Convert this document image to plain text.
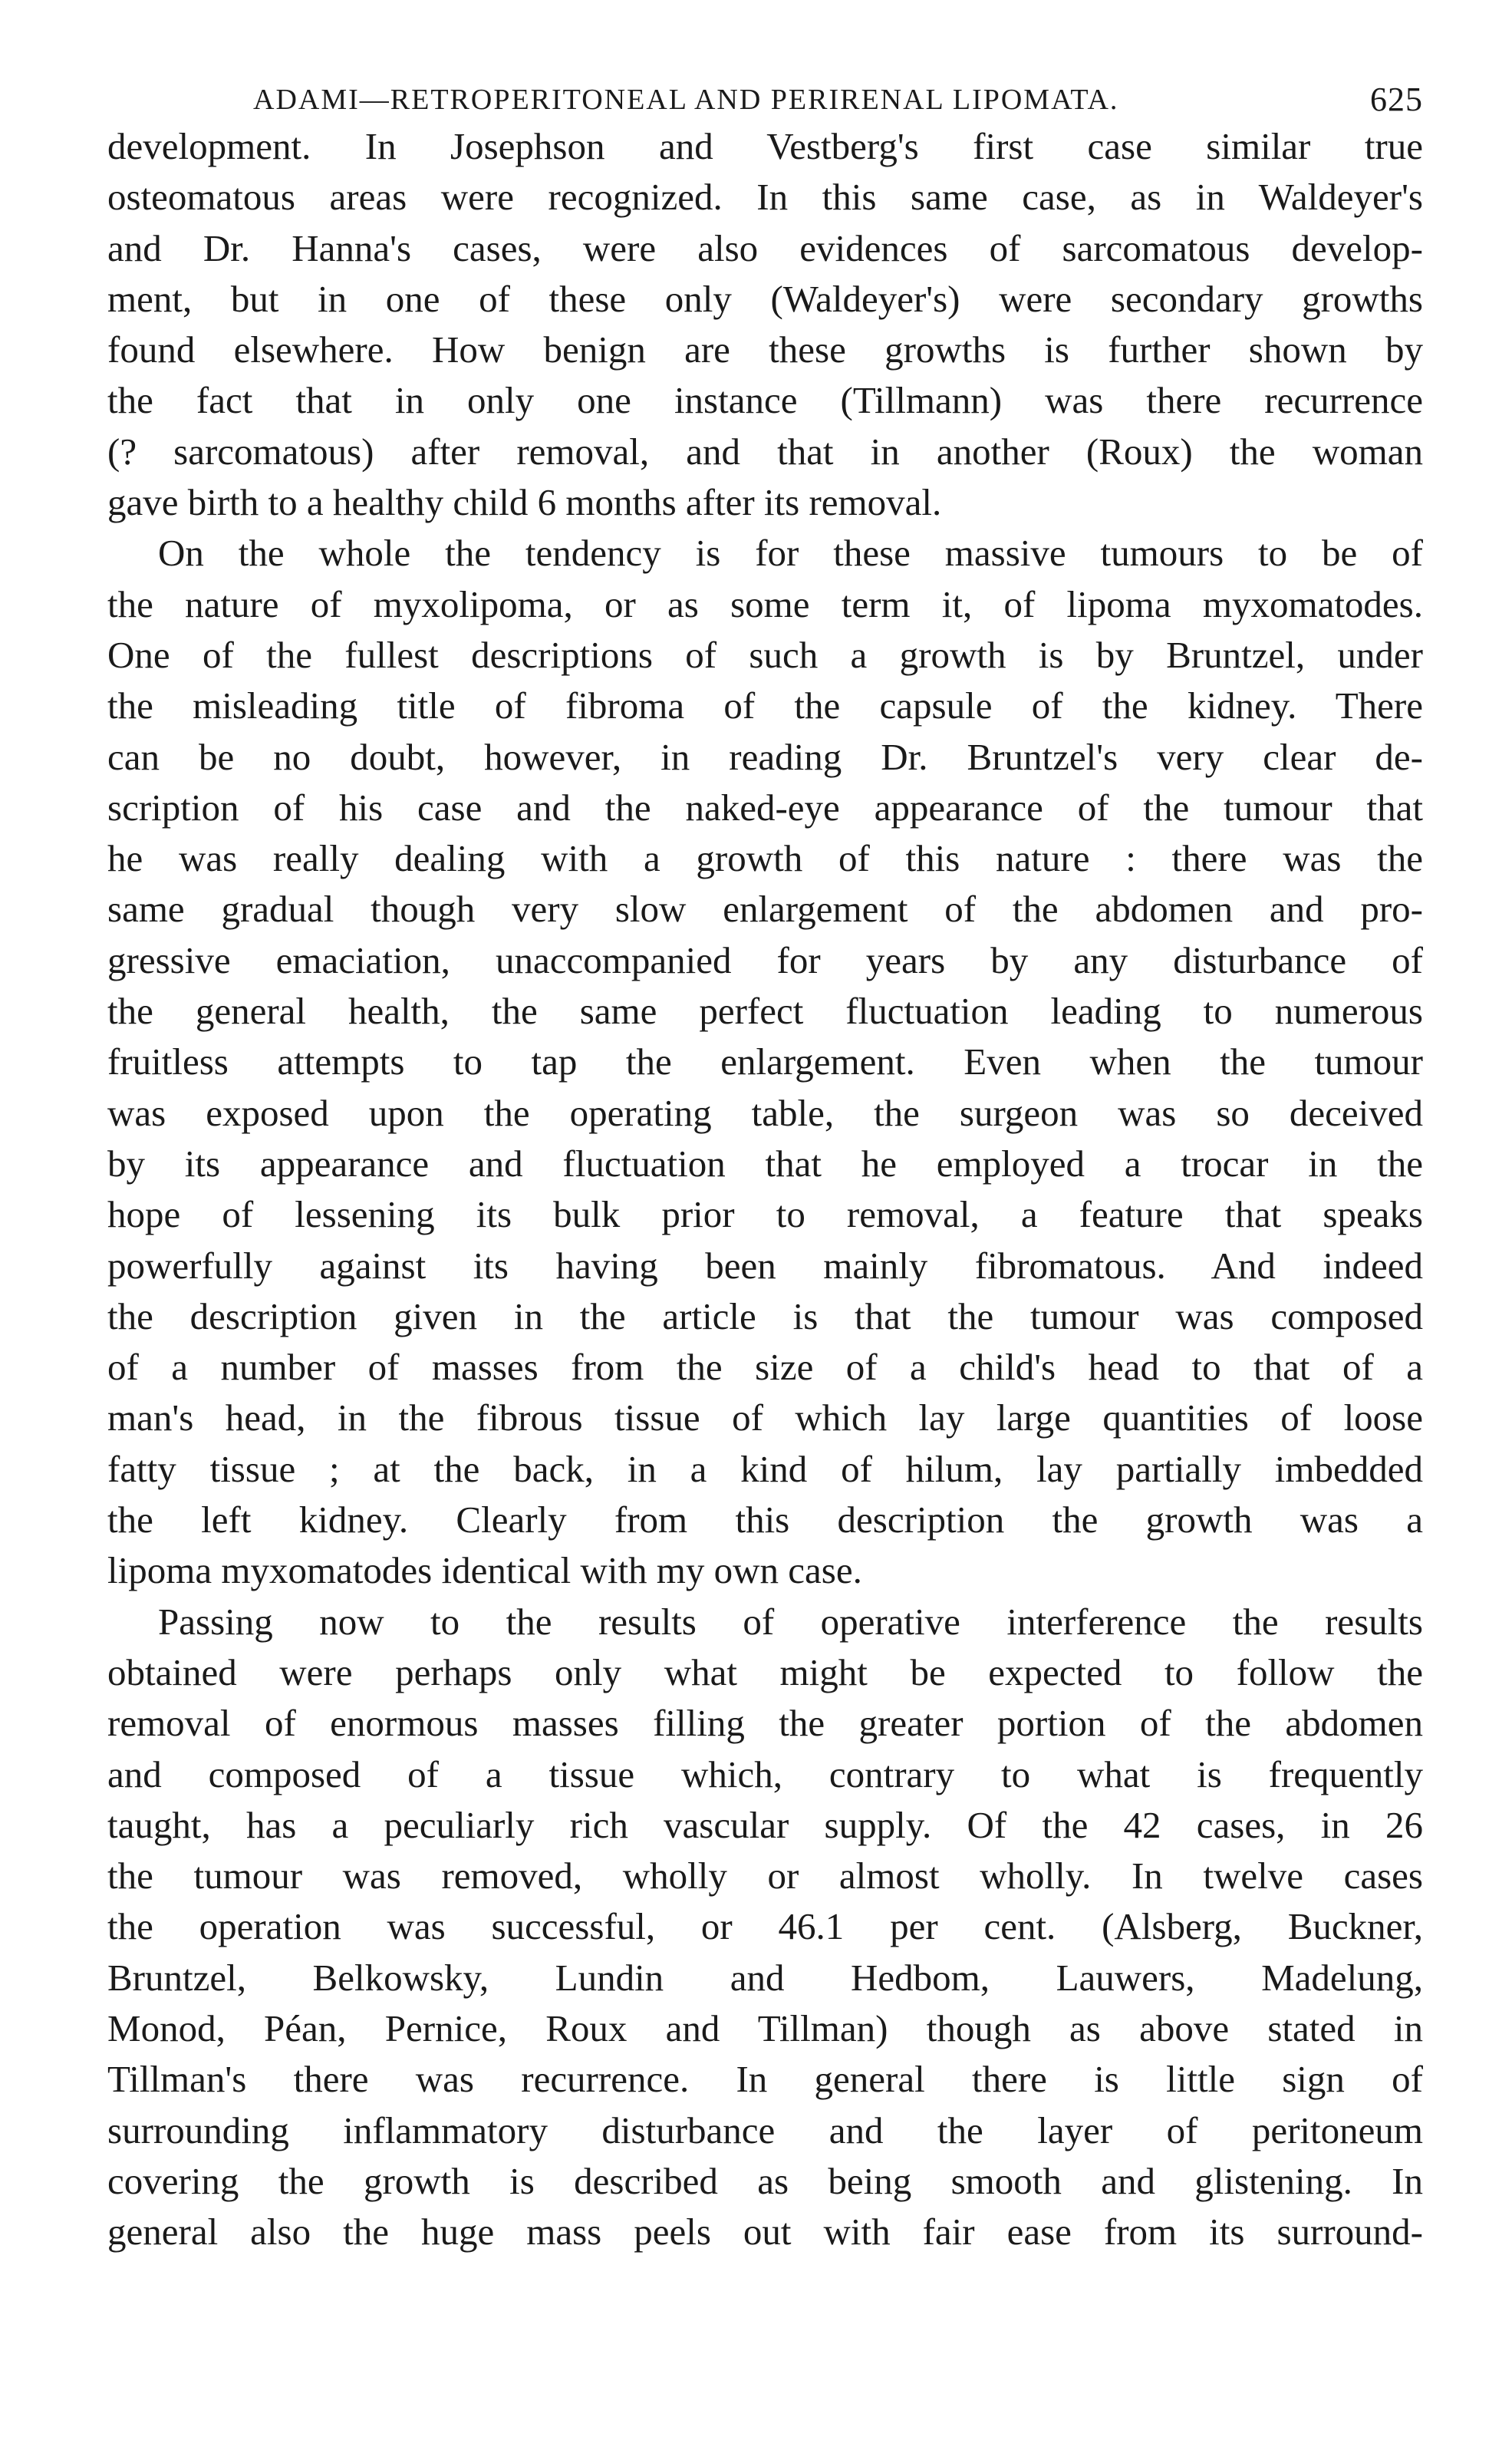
ADAMI—RETROPERITONEAL AND PERIRENAL LIPOMATA.	625

development. In Josephson and Vestberg's first case similar true
osteomatous areas were recognized. In this same case, as in Waldeyer's
and Dr. Hanna's cases, were also evidences of sarcomatous develop-
ment, but in one of these only (Waldeyer's) were secondary growths
found elsewhere. How benign are these growths is further shown by
the fact that in only one instance (Tillmann) was there recurrence
(? sarcomatous) after removal, and that in another (Roux) the woman
gave birth to a healthy child 6 months after its removal.

On the whole the tendency is for these massive tumours to be of
the nature of myxolipoma, or as some term it, of lipoma myxomatodes.
One of the fullest descriptions of such a growth is by Bruntzel, under
the misleading title of fibroma of the capsule of the kidney. There
can be no doubt, however, in reading Dr. Bruntzel's very clear de-
scription of his case and the naked-eye appearance of the tumour that
he was really dealing with a growth of this nature : there was the
same gradual though very slow enlargement of the abdomen and pro-
gressive emaciation, unaccompanied for years by any disturbance of
the general health, the same perfect fluctuation leading to numerous
fruitless attempts to tap the enlargement. Even when the tumour
was exposed upon the operating table, the surgeon was so deceived
by its appearance and fluctuation that he employed a trocar in the
hope of lessening its bulk prior to removal, a feature that speaks
powerfully against its having been mainly fibromatous. And indeed
the description given in the article is that the tumour was composed
of a number of masses from the size of a child's head to that of a
man's head, in the fibrous tissue of which lay large quantities of loose
fatty tissue ; at the back, in a kind of hilum, lay partially imbedded
the left kidney. Clearly from this description the growth was a
lipoma myxomatodes identical with my own case.

Passing now to the results of operative interference the results
obtained were perhaps only what might be expected to follow the
removal of enormous masses filling the greater portion of the abdomen
and composed of a tissue which, contrary to what is frequently
taught, has a peculiarly rich vascular supply. Of the 42 cases, in 26
the tumour was removed, wholly or almost wholly. In twelve cases
the operation was successful, or 46.1 per cent. (Alsberg, Buckner,
Bruntzel, Belkowsky, Lundin and Hedbom, Lauwers, Madelung,
Monod, Péan, Pernice, Roux and Tillman) though as above stated in
Tillman's there was recurrence. In general there is little sign of
surrounding inflammatory disturbance and the layer of peritoneum
covering the growth is described as being smooth and glistening. In
general also the huge mass peels out with fair ease from its surround-
